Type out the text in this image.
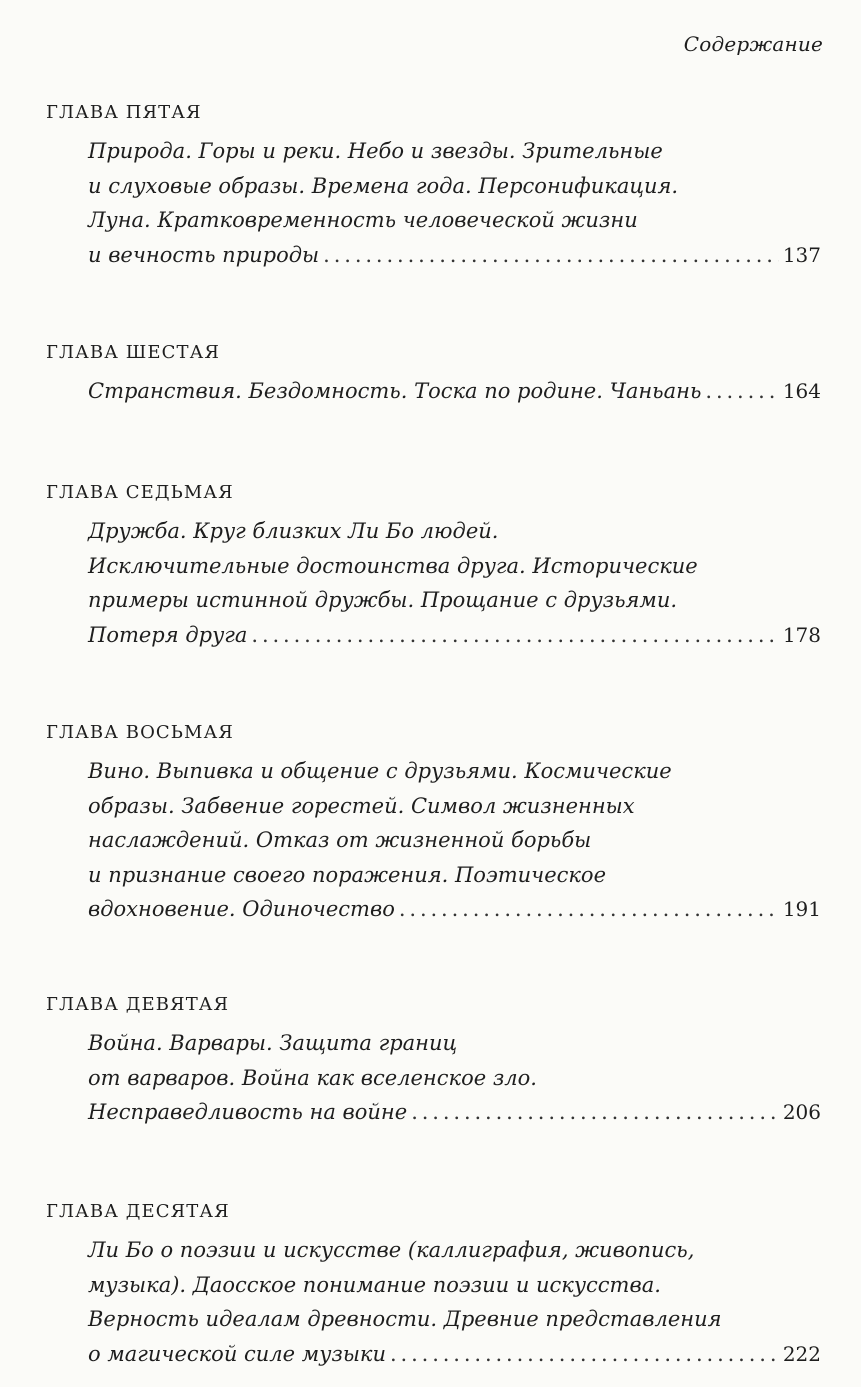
Содержание
ГЛАВА ПЯТАЯ
Природа. Горы и реки. Небо и звезды. Зрительные
и слуховые образы. Времена года. Персонификация.
Луна. Кратковременность человеческой жизни
и вечность природы . . .	137
ГЛАВА ШЕСТАЯ
Странствия. Бездомность. Тоска по родине. Чаньань . . .	164
ГЛАВА СЕДЬМАЯ
Дружба. Круг близких Ли Бо людей.
Исключительные достоинства друга. Исторические
примеры истинной дружбы. Прощание с друзьями.
Потеря друга . . .	178
ГЛАВА ВОСЬМАЯ
Вино. Выпивка и общение с друзьями. Космические
образы. Забвение горестей. Символ жизненных
наслаждений. Отказ от жизненной борьбы
и признание своего поражения. Поэтическое
вдохновение. Одиночество . . .	191
ГЛАВА ДЕВЯТАЯ
Война. Варвары. Защита границ
от варваров. Война как вселенское зло.
Несправедливость на войне . . .	206
ГЛАВА ДЕСЯТАЯ
Ли Бо о поэзии и искусстве (каллиграфия, живопись,
музыка). Даосское понимание поэзии и искусства.
Верность идеалам древности. Древние представления
о магической силе музыки . . .	222
